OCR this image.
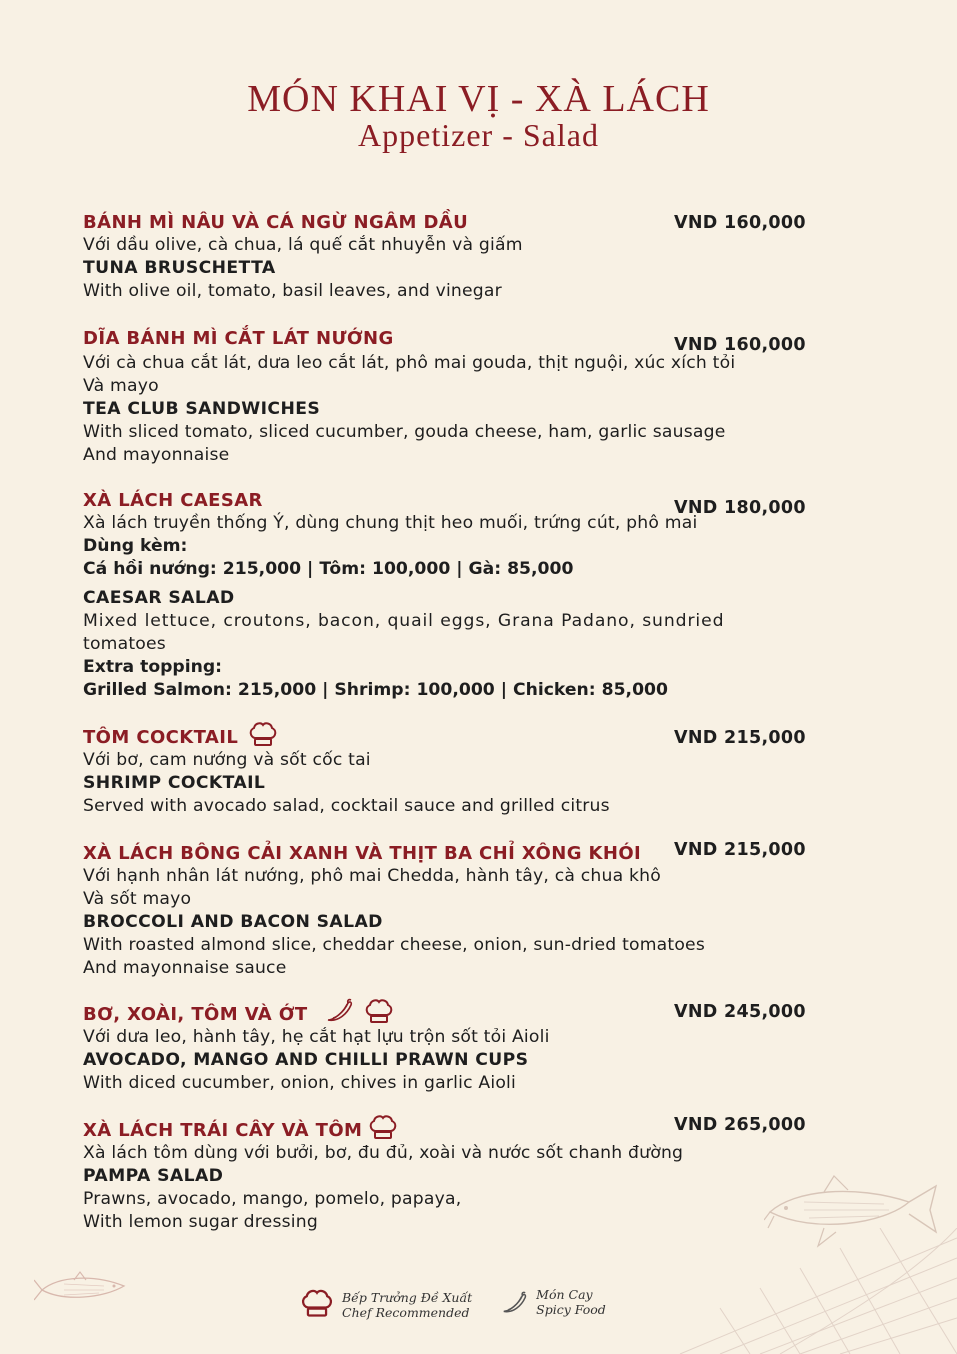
MÓN KHAI VỊ - XÀ LÁCH
Appetizer - Salad
BÁNH MÌ NÂU VÀ CÁ NGỪ NGÂM DẦU
Với dầu olive, cà chua, lá quế cắt nhuyễn và giấm
TUNA BRUSCHETTA
With olive oil, tomato, basil leaves, and vinegar
VND 160,000
DĨA BÁNH MÌ CẮT LÁT NƯỚNG
Với cà chua cắt lát, dưa leo cắt lát, phô mai gouda, thịt nguội, xúc xích tỏi
Và mayo
TEA CLUB SANDWICHES
With sliced tomato, sliced cucumber, gouda cheese, ham, garlic sausage
And mayonnaise
VND 160,000
XÀ LÁCH CAESAR
Xà lách truyền thống Ý, dùng chung thịt heo muối, trứng cút, phô mai
Dùng kèm:
Cá hồi nướng: 215,000 | Tôm: 100,000 | Gà: 85,000
CAESAR SALAD
Mixed lettuce, croutons, bacon, quail eggs, Grana Padano, sundried
tomatoes
Extra topping:
Grilled Salmon: 215,000 | Shrimp: 100,000 | Chicken: 85,000
VND 180,000
TÔM COCKTAIL
Với bơ, cam nướng và sốt cốc tai
SHRIMP COCKTAIL
Served with avocado salad, cocktail sauce and grilled citrus
VND 215,000
XÀ LÁCH BÔNG CẢI XANH VÀ THỊT BA CHỈ XÔNG KHÓI
Với hạnh nhân lát nướng, phô mai Chedda, hành tây, cà chua khô
Và sốt mayo
BROCCOLI AND BACON SALAD
With roasted almond slice, cheddar cheese, onion, sun-dried tomatoes
And mayonnaise sauce
VND 215,000
BƠ, XOÀI, TÔM VÀ ỚT
Với dưa leo, hành tây, hẹ cắt hạt lựu trộn sốt tỏi Aioli
AVOCADO, MANGO AND CHILLI PRAWN CUPS
With diced cucumber, onion, chives in garlic Aioli
VND 245,000
XÀ LÁCH TRÁI CÂY VÀ TÔM
Xà lách tôm dùng với bưởi, bơ, đu đủ, xoài và nước sốt chanh đường
PAMPA SALAD
Prawns, avocado, mango, pomelo, papaya,
With lemon sugar dressing
VND 265,000
Bếp Trưởng Đề Xuất
Chef Recommended
Món Cay
Spicy Food
